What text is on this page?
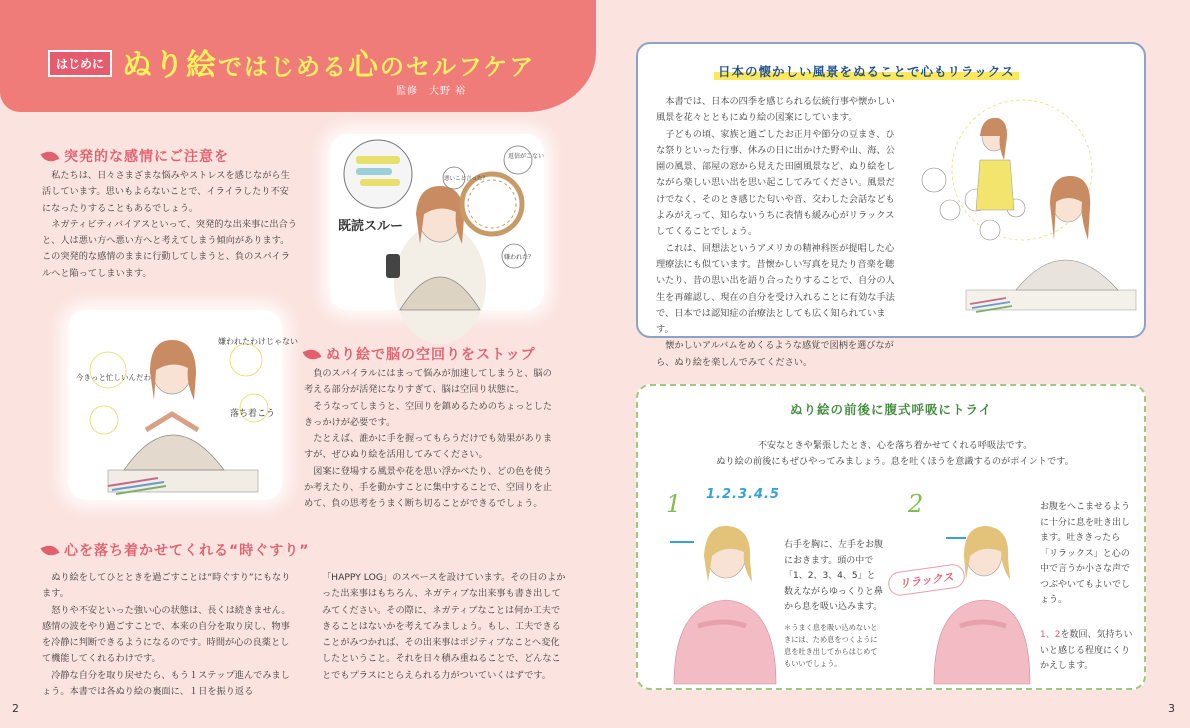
はじめに ぬり絵ではじめる心のセルフケア
監修　大野 裕
突発的な感情にご注意を

私たちは、日々さまざまな悩みやストレスを感じながら生活しています。思いもよらないことで、イライラしたり不安になったりすることもあるでしょう。

ネガティビティバイアスといって、突発的な出来事に出合うと、人は悪い方へ悪い方へと考えてしまう傾向があります。この突発的な感情のままに行動してしまうと、負のスパイラルへと陥ってしまいます。

返信がこない
悪いこと言った？
嫌われた？
既読スルー
嫌われたわけじゃない
今きっと忙しいんだわ
落ち着こう
ぬり絵で脳の空回りをストップ

負のスパイラルにはまって悩みが加速してしまうと、脳の考える部分が活発になりすぎて、脳は空回り状態に。

そうなってしまうと、空回りを鎮めるためのちょっとしたきっかけが必要です。

たとえば、誰かに手を握ってもらうだけでも効果がありますが、ぜひぬり絵を活用してみてください。

図案に登場する風景や花を思い浮かべたり、どの色を使うか考えたり、手を動かすことに集中することで、空回りを止めて、負の思考をうまく断ち切ることができるでしょう。

心を落ち着かせてくれる“時ぐすり”

ぬり絵をしてひとときを過ごすことは“時ぐすり”にもなります。

怒りや不安といった強い心の状態は、長くは続きません。感情の波をやり過ごすことで、本来の自分を取り戻し、物事を冷静に判断できるようになるのです。時間が心の良薬として機能してくれるわけです。

冷静な自分を取り戻せたら、もう１ステップ進んでみましょう。本書では各ぬり絵の裏面に、１日を振り返る

「HAPPY LOG」のスペースを設けています。その日のよかった出来事はもちろん、ネガティブな出来事も書き出してみてください。その際に、ネガティブなことは何か工夫できることはないかを考えてみましょう。もし、工夫できることがみつかれば、その出来事はポジティブなことへ変化したということ。それを日々積み重ねることで、どんなことでもプラスにとらえられる力がついていくはずです。
日本の懐かしい風景をぬることで心もリラックス

本書では、日本の四季を感じられる伝統行事や懐かしい風景を花々とともにぬり絵の図案にしています。

子どもの頃、家族と過ごしたお正月や節分の豆まき、ひな祭りといった行事、休みの日に出かけた野や山、海、公園の風景、部屋の窓から見えた田園風景など、ぬり絵をしながら楽しい思い出を思い起こしてみてください。風景だけでなく、そのとき感じた匂いや音、交わした会話などもよみがえって、知らないうちに表情も緩み心がリラックスしてくることでしょう。

これは、回想法というアメリカの精神科医が提唱した心理療法にも似ています。昔懐かしい写真を見たり音楽を聴いたり、昔の思い出を語り合ったりすることで、自分の人生を再確認し、現在の自分を受け入れることに有効な手法で、日本では認知症の治療法としても広く知られています。

懐かしいアルバムをめくるような感覚で図柄を選びながら、ぬり絵を楽しんでみてください。

ぬり絵の前後に腹式呼吸にトライ
不安なときや緊張したとき、心を落ち着かせてくれる呼吸法です。
ぬり絵の前後にもぜひやってみましょう。息を吐くほうを意識するのがポイントです。
1 1.2.3.4.5
右手を胸に、左手をお腹におきます。頭の中で「1、2、3、4、5」と数えながらゆっくりと鼻から息を吸い込みます。
＊うまく息を吸い込めないときには、ため息をつくように息を吐き出してからはじめてもいいでしょう。
2
リラックス
お腹をへこませるように十分に息を吐き出します。吐ききったら「リラックス」と心の中で言うか小さな声でつぶやいてもよいでしょう。
1、2を数回、気持ちいいと感じる程度にくりかえします。
2	3
